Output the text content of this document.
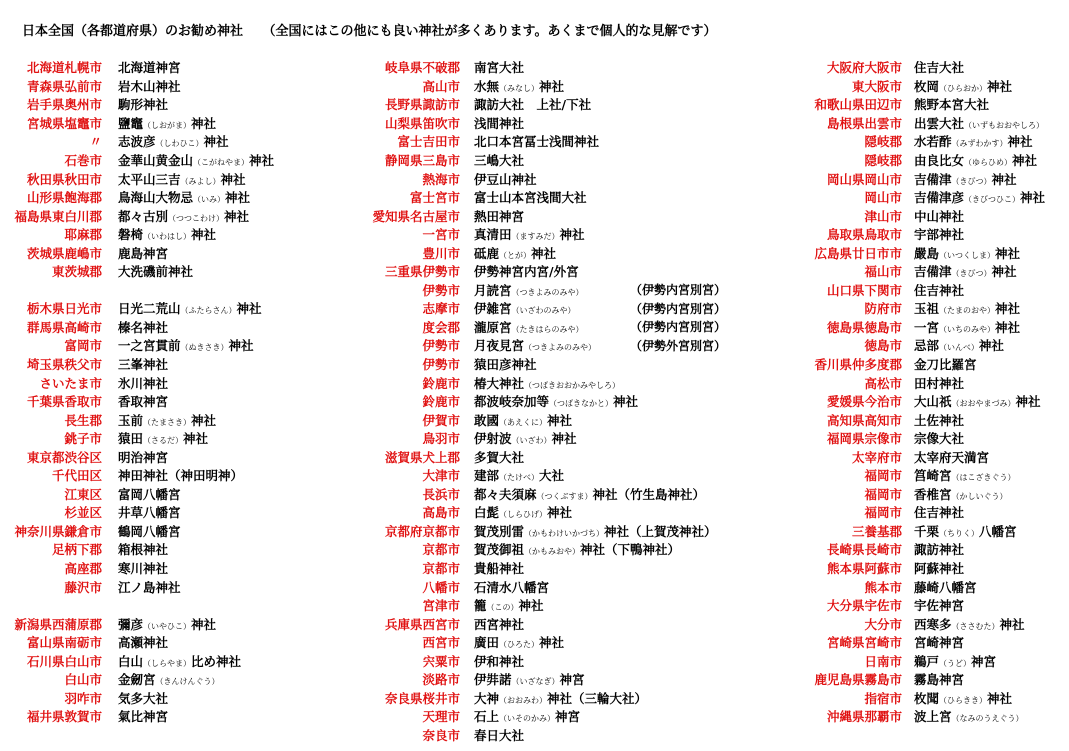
日本全国（各都道府県）のお勧め神社　　（全国にはこの他にも良い神社が多くあります。あくまで個人的な見解です）
北海道札幌市 北海道神宮
青森県弘前市 岩木山神社
岩手県奥州市 駒形神社
宮城県塩竈市 鹽竈（しおがま）神社
〃 志波彦（しわひこ）神社
石巻市 金華山黄金山（こがねやま）神社
秋田県秋田市 太平山三吉（みよし）神社
山形県飽海郡 鳥海山大物忌（いみ）神社
福島県東白川郡 都々古別（つつこわけ）神社
耶麻郡 磐椅（いわはし）神社
茨城県鹿嶋市 鹿島神宮
東茨城郡 大洗磯前神社
栃木県日光市 日光二荒山（ふたらさん）神社
群馬県高崎市 榛名神社
富岡市 一之宮貫前（ぬきさき）神社
埼玉県秩父市 三峯神社
さいたま市 氷川神社
千葉県香取市 香取神宮
長生郡 玉前（たまさき）神社
銚子市 猿田（さるだ）神社
東京都渋谷区 明治神宮
千代田区 神田神社（神田明神）
江東区 富岡八幡宮
杉並区 井草八幡宮
神奈川県鎌倉市 鶴岡八幡宮
足柄下郡 箱根神社
高座郡 寒川神社
藤沢市 江ノ島神社
新潟県西蒲原郡 彌彦（いやひこ）神社
富山県南砺市 高瀬神社
石川県白山市 白山（しらやま）比め神社
白山市 金劒宮（きんけんぐう）
羽咋市 気多大社
福井県敦賀市 氣比神宮
岐阜県不破郡 南宮大社
高山市 水無（みなし）神社
長野県諏訪市 諏訪大社　上社/下社
山梨県笛吹市 浅間神社
富士吉田市 北口本宮冨士浅間神社
静岡県三島市 三嶋大社
熱海市 伊豆山神社
富士宮市 富士山本宮浅間大社
愛知県名古屋市 熱田神宮
一宮市 真清田（ますみだ）神社
豊川市 砥鹿（とが）神社
三重県伊勢市 伊勢神宮内宮/外宮
伊勢市 月読宮（つきよみのみや）	（伊勢内宮別宮）
志摩市 伊雑宮（いざわのみや）	（伊勢内宮別宮）
度会郡 瀧原宮（たきはらのみや）	（伊勢内宮別宮）
伊勢市 月夜見宮（つきよみのみや）	（伊勢外宮別宮）
伊勢市 猿田彦神社
鈴鹿市 椿大神社（つばきおおかみやしろ）
鈴鹿市 都波岐奈加等（つばきなかと）神社
伊賀市 敢國（あえくに）神社
鳥羽市 伊射波（いざわ）神社
滋賀県犬上郡 多賀大社
大津市 建部（たけべ）大社
長浜市 都々夫須麻（つくぶすま）神社（竹生島神社）
高島市 白髭（しらひげ）神社
京都府京都市 賀茂別雷（かもわけいかづち）神社（上賀茂神社）
京都市 賀茂御祖（かもみおや）神社（下鴨神社）
京都市 貴船神社
八幡市 石清水八幡宮
宮津市 籠（この）神社
兵庫県西宮市 西宮神社
西宮市 廣田（ひろた）神社
宍粟市 伊和神社
淡路市 伊弉諾（いざなぎ）神宮
奈良県桜井市 大神（おおみわ）神社（三輪大社）
天理市 石上（いそのかみ）神宮
奈良市 春日大社
大阪府大阪市 住吉大社
東大阪市 枚岡（ひらおか）神社
和歌山県田辺市 熊野本宮大社
島根県出雲市 出雲大社（いずもおおやしろ）
隠岐郡 水若酢（みずわかす）神社
隠岐郡 由良比女（ゆらひめ）神社
岡山県岡山市 吉備津（きびつ）神社
岡山市 吉備津彦（きびつひこ）神社
津山市 中山神社
鳥取県鳥取市 宇部神社
広島県廿日市市 嚴島（いつくしま）神社
福山市 吉備津（きびつ）神社
山口県下関市 住吉神社
防府市 玉祖（たまのおや）神社
徳島県徳島市 一宮（いちのみや）神社
徳島市 忌部（いんべ）神社
香川県仲多度郡 金刀比羅宮
高松市 田村神社
愛媛県今治市 大山祇（おおやまづみ）神社
高知県高知市 土佐神社
福岡県宗像市 宗像大社
太宰府市 太宰府天満宮
福岡市 筥崎宮（はこざきぐう）
福岡市 香椎宮（かしいぐう）
福岡市 住吉神社
三養基郡 千栗（ちりく）八幡宮
長崎県長崎市 諏訪神社
熊本県阿蘇市 阿蘇神社
熊本市 藤崎八幡宮
大分県宇佐市 宇佐神宮
大分市 西寒多（ささむた）神社
宮崎県宮崎市 宮崎神宮
日南市 鵜戸（うど）神宮
鹿児島県霧島市 霧島神宮
指宿市 枚聞（ひらきき）神社
沖縄県那覇市 波上宮（なみのうえぐう）
